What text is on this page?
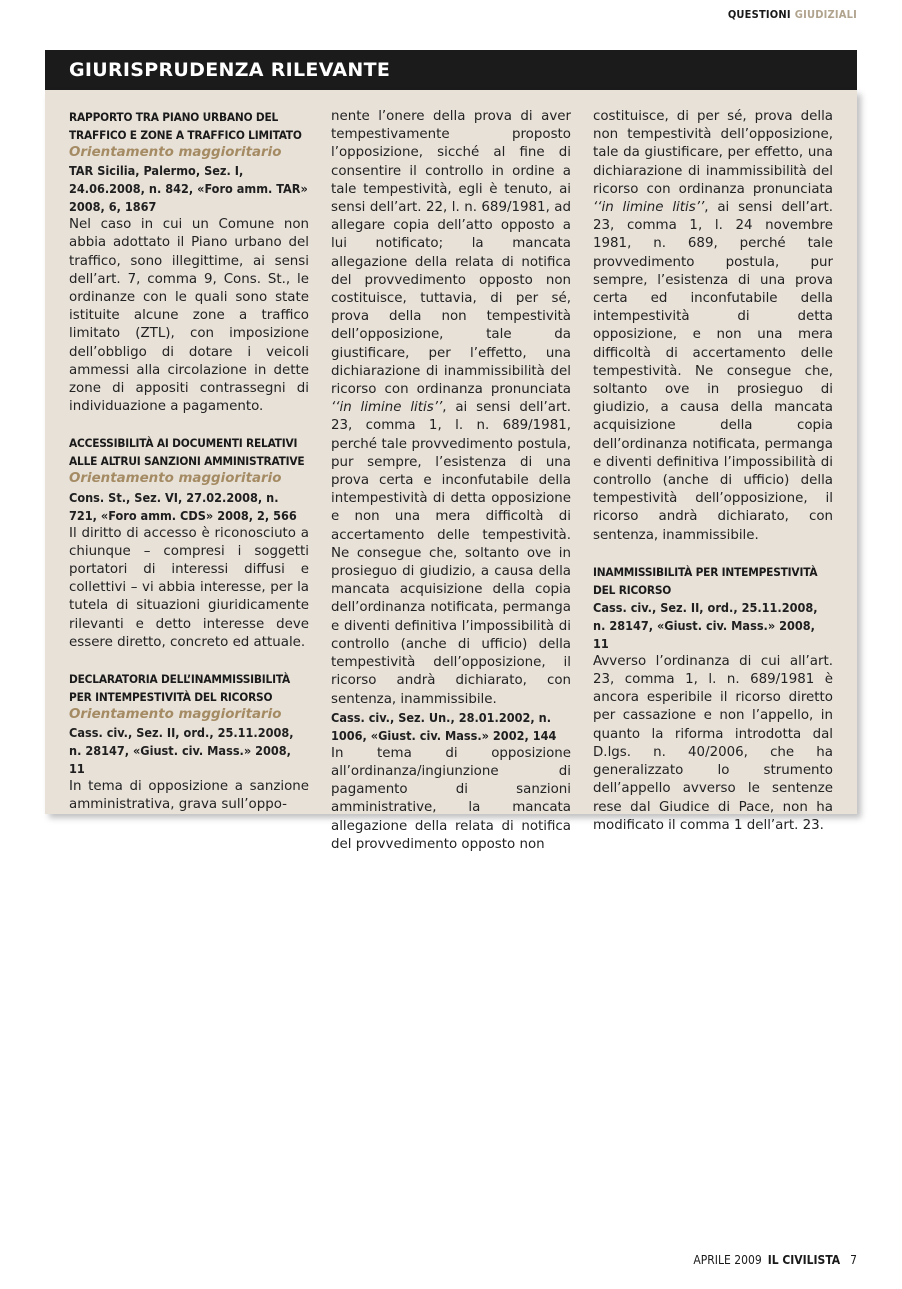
QUESTIONI GIUDIZIALI
GIURISPRUDENZA RILEVANTE
RAPPORTO TRA PIANO URBANO DEL TRAFFICO E ZONE A TRAFFICO LIMITATO
Orientamento maggioritario
TAR Sicilia, Palermo, Sez. I, 24.06.2008, n. 842, «Foro amm. TAR» 2008, 6, 1867
Nel caso in cui un Comune non abbia adottato il Piano urbano del traffico, sono illegittime, ai sensi dell’art. 7, comma 9, Cons. St., le ordinanze con le quali sono state istituite alcune zone a traffico limitato (ZTL), con imposizione dell’obbligo di dotare i veicoli ammessi alla circolazione in dette zone di appositi contrassegni di individuazione a pagamento.
ACCESSIBILITÀ AI DOCUMENTI RELATIVI ALLE ALTRUI SANZIONI AMMINISTRATIVE
Orientamento maggioritario
Cons. St., Sez. VI, 27.02.2008, n. 721, «Foro amm. CDS» 2008, 2, 566
Il diritto di accesso è riconosciuto a chiunque – compresi i soggetti portatori di interessi diffusi e collettivi – vi abbia interesse, per la tutela di situazioni giuridicamente rilevanti e detto interesse deve essere diretto, concreto ed attuale.
DECLARATORIA DELL’INAMMISSIBILITÀ PER INTEMPESTIVITÀ DEL RICORSO
Orientamento maggioritario
Cass. civ., Sez. II, ord., 25.11.2008, n. 28147, «Giust. civ. Mass.» 2008, 11
In tema di opposizione a sanzione amministrativa, grava sull’oppo-
nente l’onere della prova di aver tempestivamente proposto l’opposizione, sicché al fine di consentire il controllo in ordine a tale tempestività, egli è tenuto, ai sensi dell’art. 22, l. n. 689/1981, ad allegare copia dell’atto opposto a lui notificato; la mancata allegazione della relata di notifica del provvedimento opposto non costituisce, tuttavia, di per sé, prova della non tempestività dell’opposizione, tale da giustificare, per l’effetto, una dichiarazione di inammissibilità del ricorso con ordinanza pronunciata ‘‘in limine litis’’, ai sensi dell’art. 23, comma 1, l. n. 689/1981, perché tale provvedimento postula, pur sempre, l’esistenza di una prova certa e inconfutabile della intempestività di detta opposizione e non una mera difficoltà di accertamento delle tempestività. Ne consegue che, soltanto ove in prosieguo di giudizio, a causa della mancata acquisizione della copia dell’ordinanza notificata, permanga e diventi definitiva l’impossibilità di controllo (anche di ufficio) della tempestività dell’opposizione, il ricorso andrà dichiarato, con sentenza, inammissibile.
Cass. civ., Sez. Un., 28.01.2002, n. 1006, «Giust. civ. Mass.» 2002, 144
In tema di opposizione all’ordinanza/ingiunzione di pagamento di sanzioni amministrative, la mancata allegazione della relata di notifica del provvedimento opposto non
costituisce, di per sé, prova della non tempestività dell’opposizione, tale da giustificare, per effetto, una dichiarazione di inammissibilità del ricorso con ordinanza pronunciata ‘‘in limine litis’’, ai sensi dell’art. 23, comma 1, l. 24 novembre 1981, n. 689, perché tale provvedimento postula, pur sempre, l’esistenza di una prova certa ed inconfutabile della intempestività di detta opposizione, e non una mera difficoltà di accertamento delle tempestività. Ne consegue che, soltanto ove in prosieguo di giudizio, a causa della mancata acquisizione della copia dell’ordinanza notificata, permanga e diventi definitiva l’impossibilità di controllo (anche di ufficio) della tempestività dell’opposizione, il ricorso andrà dichiarato, con sentenza, inammissibile.
INAMMISSIBILITÀ PER INTEMPESTIVITÀ DEL RICORSO
Cass. civ., Sez. II, ord., 25.11.2008, n. 28147, «Giust. civ. Mass.» 2008, 11
Avverso l’ordinanza di cui all’art. 23, comma 1, l. n. 689/1981 è ancora esperibile il ricorso diretto per cassazione e non l’appello, in quanto la riforma introdotta dal D.lgs. n. 40/2006, che ha generalizzato lo strumento dell’appello avverso le sentenze rese dal Giudice di Pace, non ha modificato il comma 1 dell’art. 23.
APRILE 2009 IL CIVILISTA 7
